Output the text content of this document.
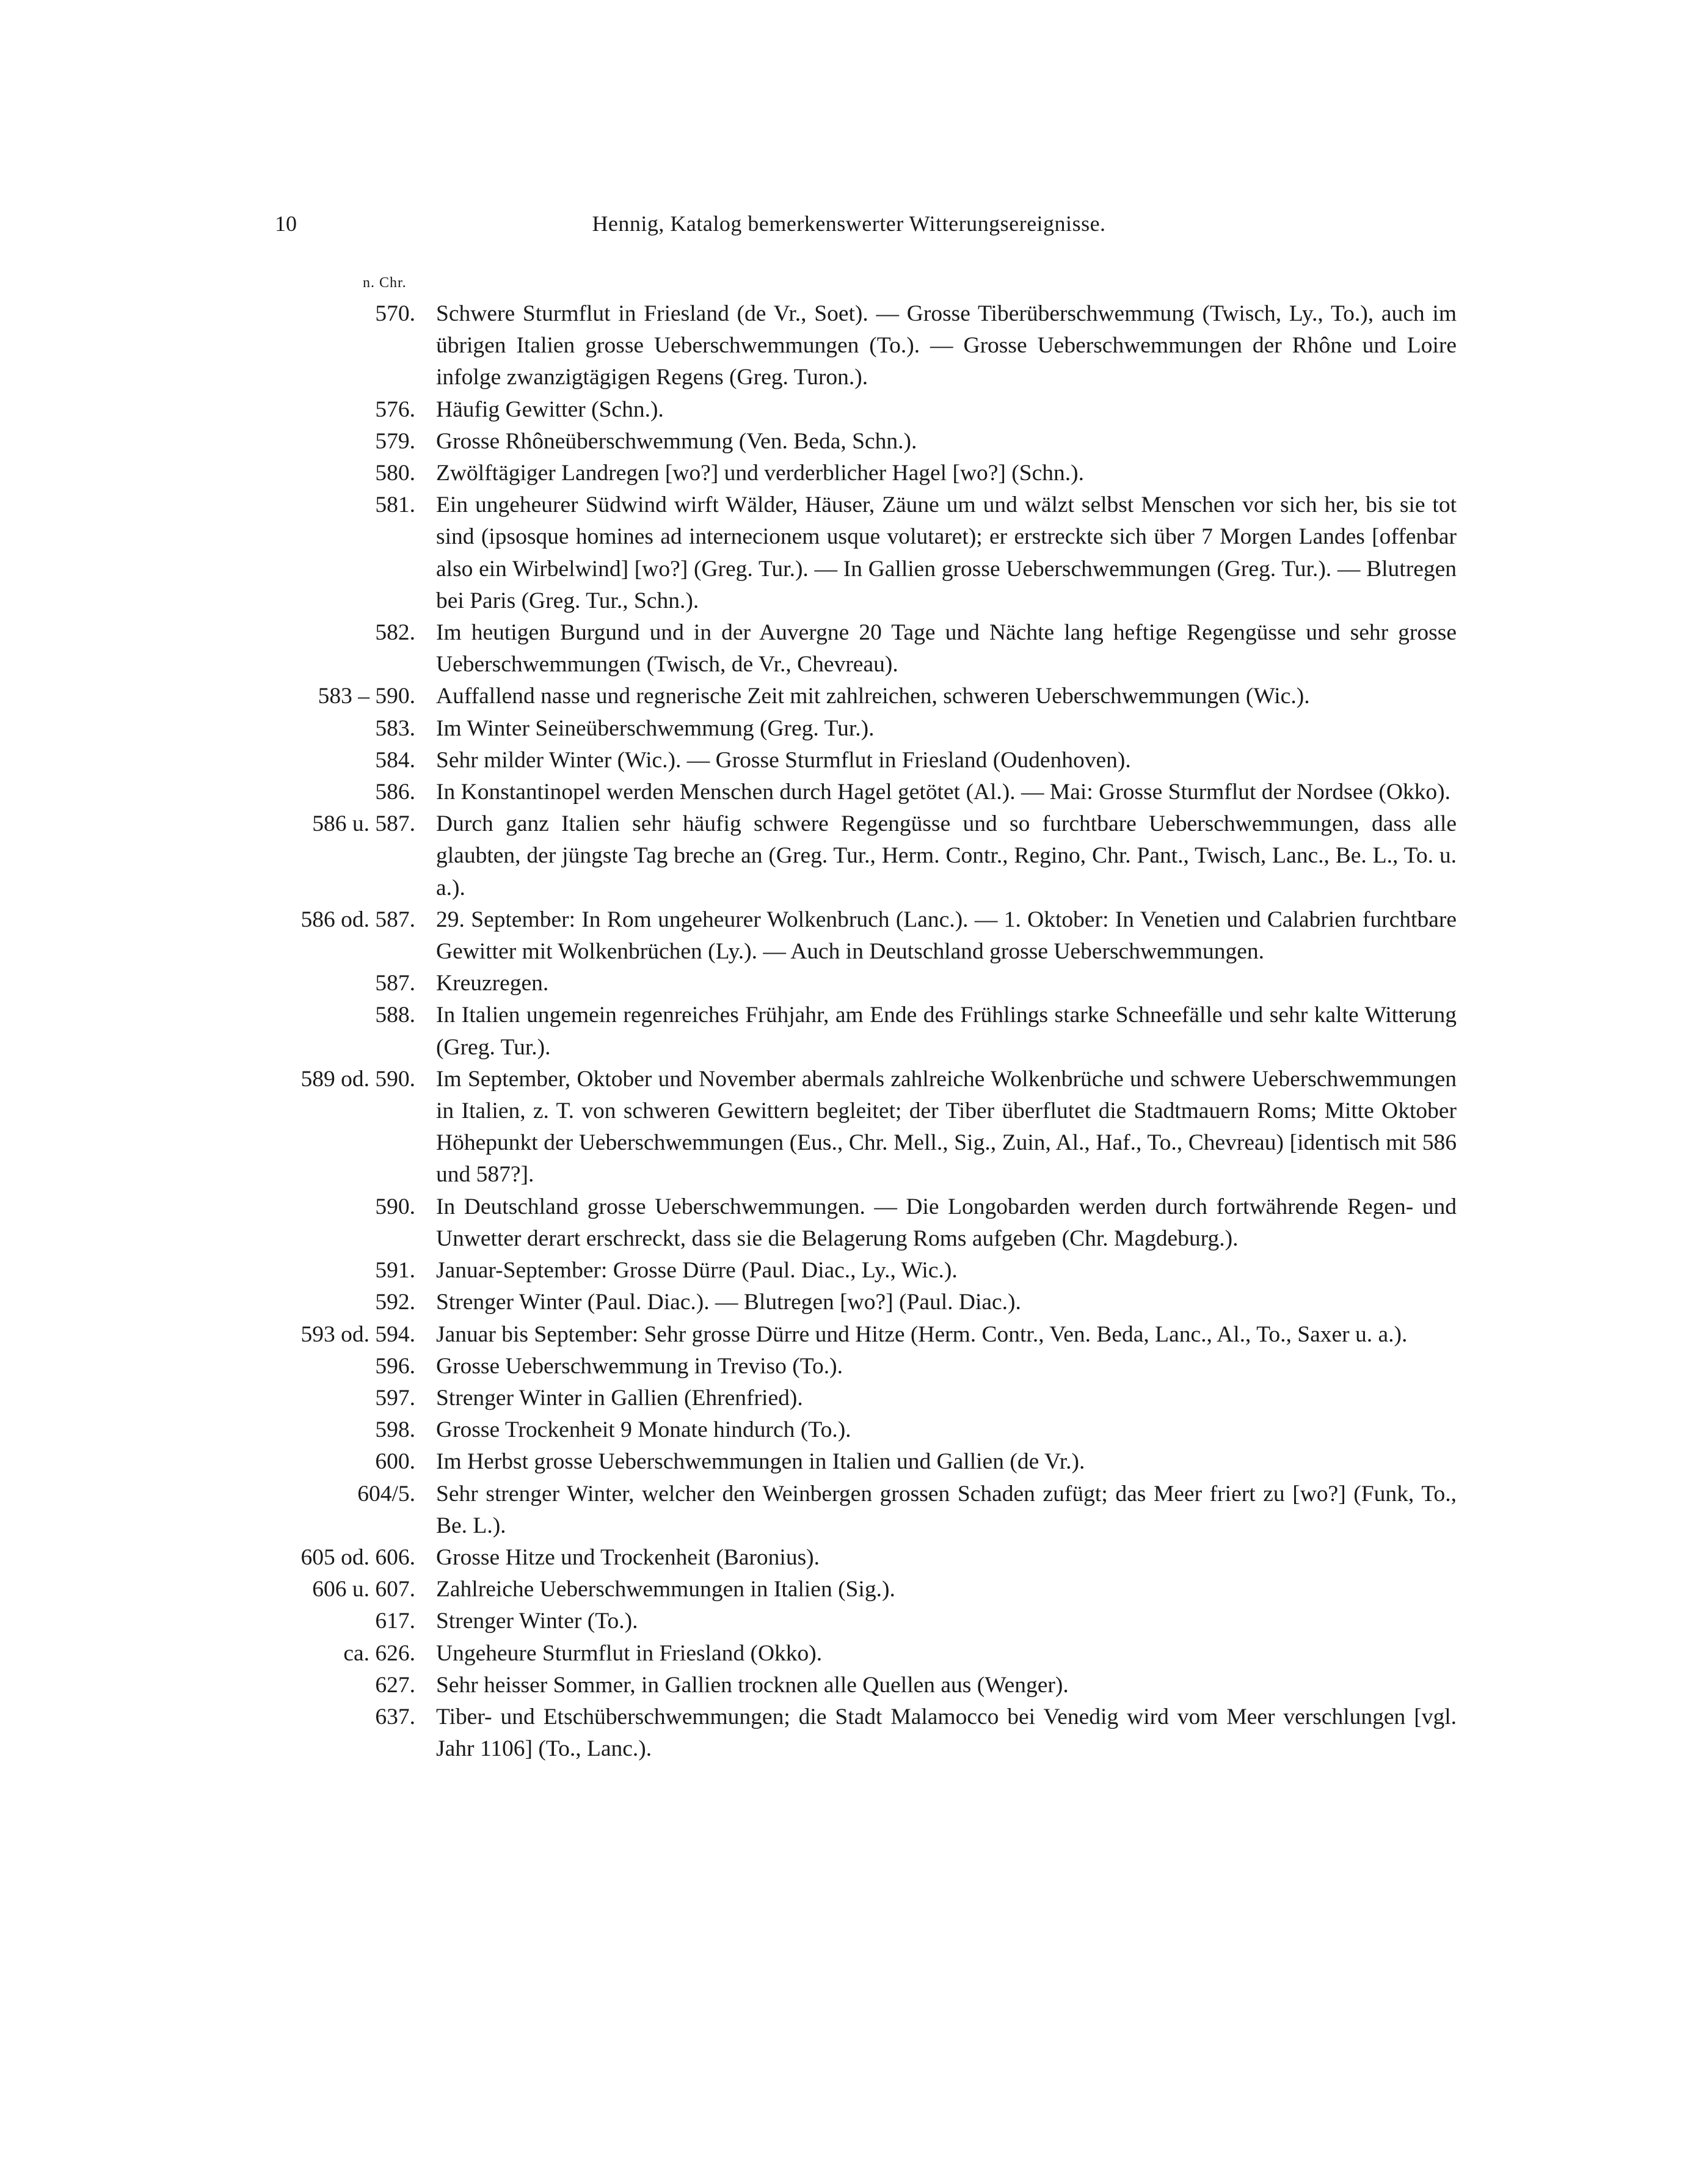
10	Hennig, Katalog bemerkenswerter Witterungsereignisse.
n. Chr.
570. Schwere Sturmflut in Friesland (de Vr., Soet). — Grosse Tiberüberschwemmung (Twisch, Ly., To.), auch im übrigen Italien grosse Ueberschwemmungen (To.). — Grosse Ueberschwemmungen der Rhône und Loire infolge zwanzigtägigen Regens (Greg. Turon.).
576. Häufig Gewitter (Schn.).
579. Grosse Rhôneüberschwemmung (Ven. Beda, Schn.).
580. Zwölftägiger Landregen [wo?] und verderblicher Hagel [wo?] (Schn.).
581. Ein ungeheurer Südwind wirft Wälder, Häuser, Zäune um und wälzt selbst Menschen vor sich her, bis sie tot sind (ipsosque homines ad internecionem usque volutaret); er erstreckte sich über 7 Morgen Landes [offenbar also ein Wirbelwind] [wo?] (Greg. Tur.). — In Gallien grosse Ueberschwemmungen (Greg. Tur.). — Blutregen bei Paris (Greg. Tur., Schn.).
582. Im heutigen Burgund und in der Auvergne 20 Tage und Nächte lang heftige Regengüsse und sehr grosse Ueberschwemmungen (Twisch, de Vr., Chevreau).
583 – 590. Auffallend nasse und regnerische Zeit mit zahlreichen, schweren Ueberschwemmungen (Wic.).
583. Im Winter Seineüberschwemmung (Greg. Tur.).
584. Sehr milder Winter (Wic.). — Grosse Sturmflut in Friesland (Oudenhoven).
586. In Konstantinopel werden Menschen durch Hagel getötet (Al.). — Mai: Grosse Sturmflut der Nordsee (Okko).
586 u. 587. Durch ganz Italien sehr häufig schwere Regengüsse und so furchtbare Ueberschwemmungen, dass alle glaubten, der jüngste Tag breche an (Greg. Tur., Herm. Contr., Regino, Chr. Pant., Twisch, Lanc., Be. L., To. u. a.).
586 od. 587. 29. September: In Rom ungeheurer Wolkenbruch (Lanc.). — 1. Oktober: In Venetien und Calabrien furchtbare Gewitter mit Wolkenbrüchen (Ly.). — Auch in Deutschland grosse Ueberschwemmungen.
587. Kreuzregen.
588. In Italien ungemein regenreiches Frühjahr, am Ende des Frühlings starke Schneefälle und sehr kalte Witterung (Greg. Tur.).
589 od. 590. Im September, Oktober und November abermals zahlreiche Wolkenbrüche und schwere Ueberschwemmungen in Italien, z. T. von schweren Gewittern begleitet; der Tiber überflutet die Stadtmauern Roms; Mitte Oktober Höhepunkt der Ueberschwemmungen (Eus., Chr. Mell., Sig., Zuin, Al., Haf., To., Chevreau) [identisch mit 586 und 587?].
590. In Deutschland grosse Ueberschwemmungen. — Die Longobarden werden durch fortwährende Regen- und Unwetter derart erschreckt, dass sie die Belagerung Roms aufgeben (Chr. Magdeburg.).
591. Januar-September: Grosse Dürre (Paul. Diac., Ly., Wic.).
592. Strenger Winter (Paul. Diac.). — Blutregen [wo?] (Paul. Diac.).
593 od. 594. Januar bis September: Sehr grosse Dürre und Hitze (Herm. Contr., Ven. Beda, Lanc., Al., To., Saxer u. a.).
596. Grosse Ueberschwemmung in Treviso (To.).
597. Strenger Winter in Gallien (Ehrenfried).
598. Grosse Trockenheit 9 Monate hindurch (To.).
600. Im Herbst grosse Ueberschwemmungen in Italien und Gallien (de Vr.).
604/5. Sehr strenger Winter, welcher den Weinbergen grossen Schaden zufügt; das Meer friert zu [wo?] (Funk, To., Be. L.).
605 od. 606. Grosse Hitze und Trockenheit (Baronius).
606 u. 607. Zahlreiche Ueberschwemmungen in Italien (Sig.).
617. Strenger Winter (To.).
ca. 626. Ungeheure Sturmflut in Friesland (Okko).
627. Sehr heisser Sommer, in Gallien trocknen alle Quellen aus (Wenger).
637. Tiber- und Etschüberschwemmungen; die Stadt Malamocco bei Venedig wird vom Meer verschlungen [vgl. Jahr 1106] (To., Lanc.).
